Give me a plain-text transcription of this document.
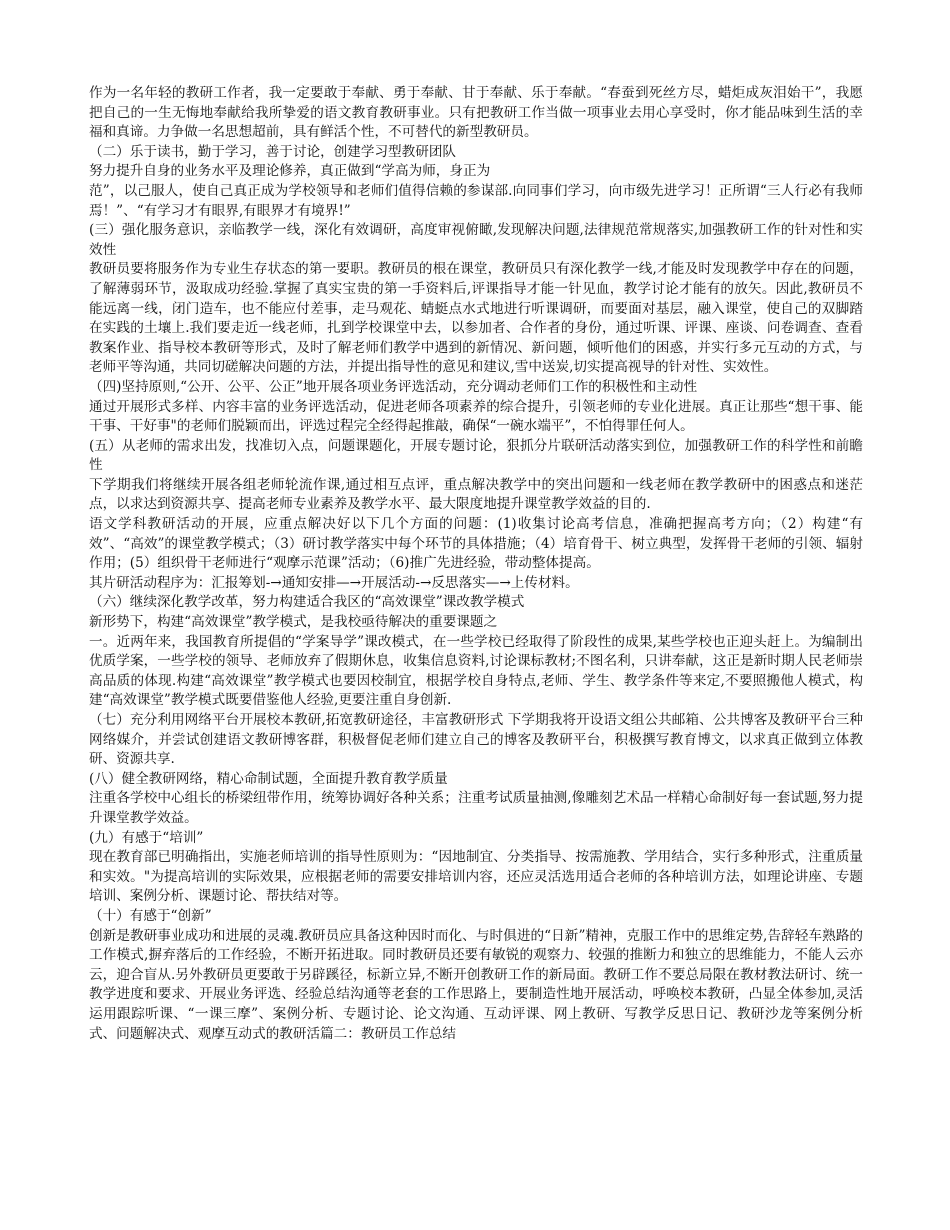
作为一名年轻的教研工作者，我一定要敢于奉献、勇于奉献、甘于奉献、乐于奉献。“春蚕到死丝方尽，蜡炬成灰泪始干”，我愿把自己的一生无悔地奉献给我所挚爱的语文教育教研事业。只有把教研工作当做一项事业去用心享受时，你才能品味到生活的幸福和真谛。力争做一名思想超前，具有鲜活个性，不可替代的新型教研员。

（二）乐于读书，勤于学习，善于讨论，创建学习型教研团队

努力提升自身的业务水平及理论修养，真正做到“学高为师，身正为

范”，以己服人，使自己真正成为学校领导和老师们值得信赖的参谋部.向同事们学习，向市级先进学习！正所谓“三人行必有我师焉！”、“有学习才有眼界,有眼界才有境界!”

(三）强化服务意识，亲临教学一线，深化有效调研，高度审视俯瞰,发现解决问题,法律规范常规落实,加强教研工作的针对性和实效性

教研员要将服务作为专业生存状态的第一要职。教研员的根在课堂，教研员只有深化教学一线,才能及时发现教学中存在的问题，了解薄弱环节，汲取成功经验.掌握了真实宝贵的第一手资料后,评课指导才能一针见血，教学讨论才能有的放矢。因此,教研员不能远离一线，闭门造车，也不能应付差事，走马观花、蜻蜓点水式地进行听课调研，而要面对基层，融入课堂，使自己的双脚踏在实践的土壤上.我们要走近一线老师，扎到学校课堂中去，以参加者、合作者的身份，通过听课、评课、座谈、问卷调查、查看教案作业、指导校本教研等形式，及时了解老师们教学中遇到的新情况、新问题，倾听他们的困惑，并实行多元互动的方式，与老师平等沟通，共同切磋解决问题的方法，并提出指导性的意见和建议,雪中送炭,切实提高视导的针对性、实效性。

（四)坚持原则,“公开、公平、公正”地开展各项业务评选活动，充分调动老师们工作的积极性和主动性

通过开展形式多样、内容丰富的业务评选活动，促进老师各项素养的综合提升，引领老师的专业化进展。真正让那些“想干事、能干事、干好事"的老师们脱颖而出，评选过程完全经得起推敲，确保“一碗水端平”，不怕得罪任何人。

(五）从老师的需求出发，找准切入点，问题课题化，开展专题讨论，狠抓分片联研活动落实到位，加强教研工作的科学性和前瞻性

下学期我们将继续开展各组老师轮流作课,通过相互点评，重点解决教学中的突出问题和一线老师在教学教研中的困惑点和迷茫点，以求达到资源共享、提高老师专业素养及教学水平、最大限度地提升课堂教学效益的目的.

语文学科教研活动的开展，应重点解决好以下几个方面的问题：(1)收集讨论高考信息，准确把握高考方向；（2）构建“有效”、“高效”的课堂教学模式；（3）研讨教学落实中每个环节的具体措施；（4）培育骨干、树立典型，发挥骨干老师的引领、辐射作用；(5）组织骨干老师进行“观摩示范课”活动；（6)推广先进经验，带动整体提高。

其片研活动程序为：汇报筹划-→通知安排—→开展活动-→反思落实—→上传材料。

（六）继续深化教学改革，努力构建适合我区的“高效课堂”课改教学模式

新形势下，构建“高效课堂”教学模式，是我校亟待解决的重要课题之

一。近两年来，我国教育所提倡的“学案导学”课改模式，在一些学校已经取得了阶段性的成果,某些学校也正迎头赶上。为编制出优质学案，一些学校的领导、老师放弃了假期休息，收集信息资料,讨论课标教材;不图名利，只讲奉献，这正是新时期人民老师崇高品质的体现.构建“高效课堂”教学模式也要因校制宜，根据学校自身特点,老师、学生、教学条件等来定,不要照搬他人模式，构建“高效课堂”教学模式既要借鉴他人经验,更要注重自身创新.

（七）充分利用网络平台开展校本教研,拓宽教研途径，丰富教研形式 下学期我将开设语文组公共邮箱、公共博客及教研平台三种网络媒介，并尝试创建语文教研博客群，积极督促老师们建立自己的博客及教研平台，积极撰写教育博文，以求真正做到立体教研、资源共享.

(八）健全教研网络，精心命制试题，全面提升教育教学质量

注重各学校中心组长的桥梁纽带作用，统筹协调好各种关系；注重考试质量抽测,像雕刻艺术品一样精心命制好每一套试题,努力提升课堂教学效益。

(九）有感于“培训”

现在教育部已明确指出，实施老师培训的指导性原则为：“因地制宜、分类指导、按需施教、学用结合，实行多种形式，注重质量和实效。"为提高培训的实际效果，应根据老师的需要安排培训内容，还应灵活选用适合老师的各种培训方法，如理论讲座、专题培训、案例分析、课题讨论、帮扶结对等。

（十）有感于“创新”

创新是教研事业成功和进展的灵魂.教研员应具备这种因时而化、与时俱进的“日新”精神，克服工作中的思维定势,告辞轻车熟路的工作模式,摒弃落后的工作经验，不断开拓进取。同时教研员还要有敏锐的观察力、较强的推断力和独立的思维能力，不能人云亦云，迎合盲从.另外教研员更要敢于另辟蹊径，标新立异,不断开创教研工作的新局面。教研工作不要总局限在教材教法研讨、统一教学进度和要求、开展业务评选、经验总结沟通等老套的工作思路上，要制造性地开展活动，呼唤校本教研，凸显全体参加,灵活运用跟踪听课、“一课三摩”、案例分析、专题讨论、论文沟通、互动评课、网上教研、写教学反思日记、教研沙龙等案例分析式、问题解决式、观摩互动式的教研活篇二：教研员工作总结
